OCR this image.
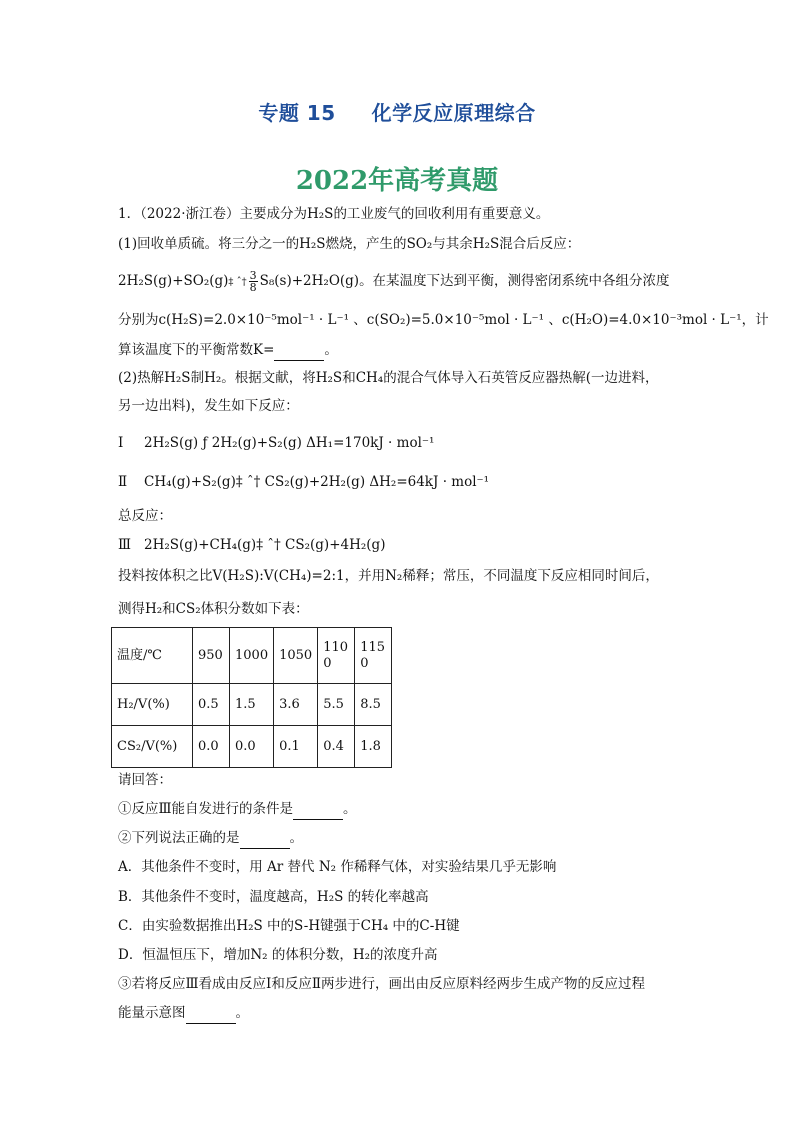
专题 15 化学反应原理综合
2022年高考真题
1．（2022·浙江卷）主要成分为H₂S的工业废气的回收利用有重要意义。
(1)回收单质硫。将三分之一的H₂S燃烧，产生的SO₂与其余H₂S混合后反应：
2H₂S(g)+SO₂(g)‡ ˆ† $\frac{3}{8} S_8(s)+2H_2O(g)$。在某温度下达到平衡，测得密闭系统中各组分浓度
分别为c(H₂S)=2.0×10⁻⁵mol⁻¹ · L⁻¹ 、c(SO₂)=5.0×10⁻⁵mol · L⁻¹ 、c(H₂O)=4.0×10⁻³mol · L⁻¹，计
算该温度下的平衡常数K=	。
(2)热解H₂S制H₂。根据文献，将H₂S和CH₄的混合气体导入石英管反应器热解(一边进料，
另一边出料)，发生如下反应：
Ⅰ 2H₂S(g) ƒ 2H₂(g)+S₂(g) ΔH₁=170kJ · mol⁻¹
Ⅱ CH₄(g)+S₂(g)‡ ˆ† CS₂(g)+2H₂(g) ΔH₂=64kJ · mol⁻¹
总反应：
Ⅲ 2H₂S(g)+CH₄(g)‡ ˆ† CS₂(g)+4H₂(g)
投料按体积之比V(H₂S):V(CH₄)=2:1，并用N₂稀释；常压，不同温度下反应相同时间后，
测得H₂和CS₂体积分数如下表：
温度/℃	950	1000	1050	1100	1150
H₂/V(%)	0.5	1.5	3.6	5.5	8.5
CS₂/V(%)	0.0	0.0	0.1	0.4	1.8
请回答：
①反应Ⅲ能自发进行的条件是	。
②下列说法正确的是	。
A．其他条件不变时，用 Ar 替代 N₂ 作稀释气体，对实验结果几乎无影响
B．其他条件不变时，温度越高，H₂S 的转化率越高
C．由实验数据推出H₂S 中的S-H键强于CH₄ 中的C-H键
D．恒温恒压下，增加N₂ 的体积分数，H₂的浓度升高
③若将反应Ⅲ看成由反应Ⅰ和反应Ⅱ两步进行，画出由反应原料经两步生成产物的反应过程
能量示意图	。
